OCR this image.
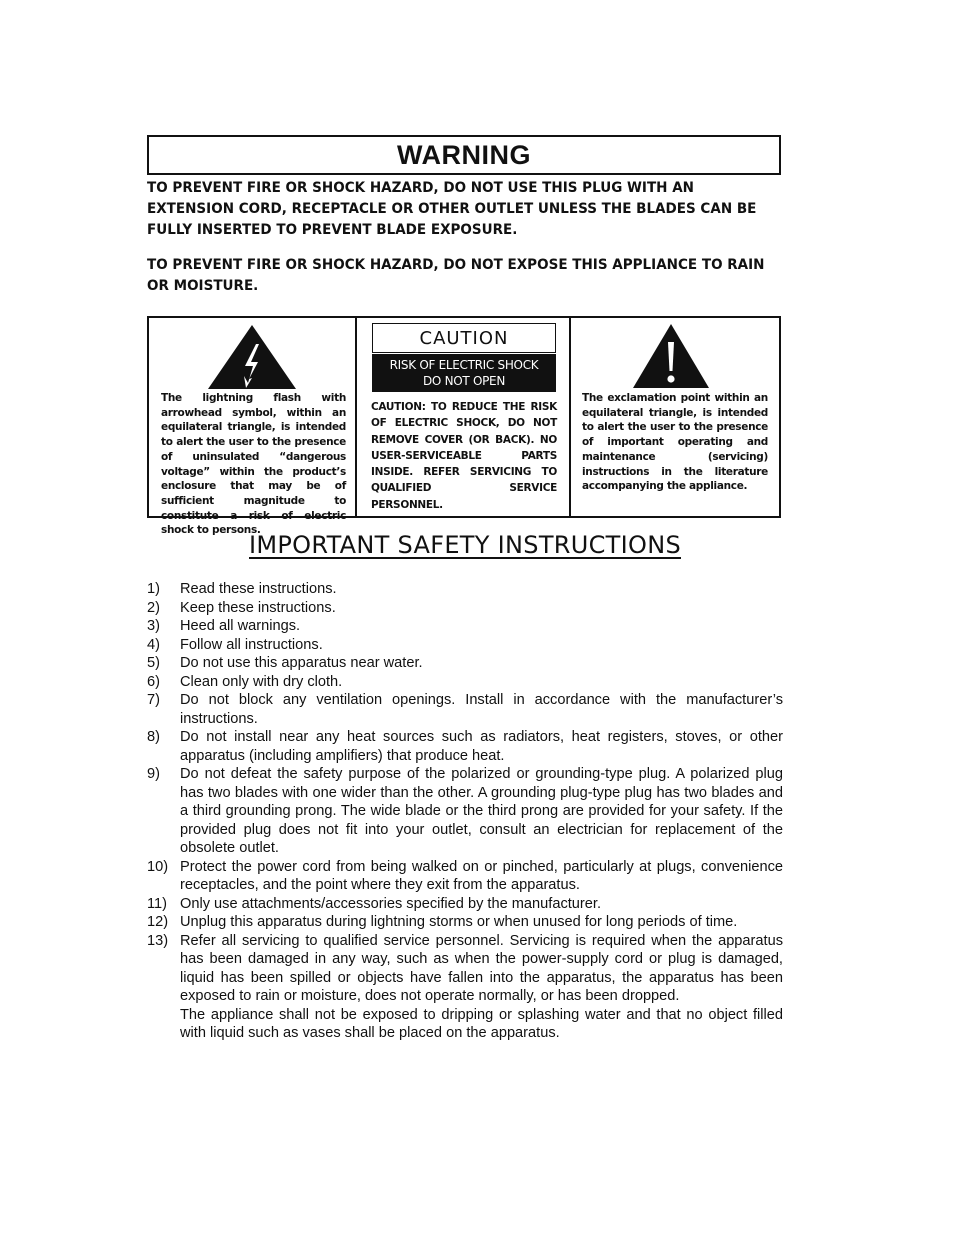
WARNING
TO PREVENT FIRE OR SHOCK HAZARD, DO NOT USE THIS PLUG WITH AN EXTENSION CORD, RECEPTACLE OR OTHER OUTLET UNLESS THE BLADES CAN BE FULLY INSERTED TO PREVENT BLADE EXPOSURE.
TO PREVENT FIRE OR SHOCK HAZARD, DO NOT EXPOSE THIS APPLIANCE TO RAIN OR MOISTURE.
The lightning flash with arrowhead symbol, within an equilateral triangle, is intended to alert the user to the presence of uninsulated “dangerous voltage” within the product’s enclosure that may be of sufficient magnitude to constitute a risk of electric shock to persons.
CAUTION
RISK OF ELECTRIC SHOCK
DO NOT OPEN
CAUTION: TO REDUCE THE RISK OF ELECTRIC SHOCK, DO NOT REMOVE COVER (OR BACK). NO USER-SERVICEABLE PARTS INSIDE. REFER SERVICING TO QUALIFIED SERVICE PERSONNEL.
The exclamation point within an equilateral triangle, is intended to alert the user to the presence of important operating and maintenance (servicing) instructions in the literature accompanying the appliance.
IMPORTANT SAFETY INSTRUCTIONS
1)	Read these instructions.
2)	Keep these instructions.
3)	Heed all warnings.
4)	Follow all instructions.
5)	Do not use this apparatus near water.
6)	Clean only with dry cloth.
7)	Do not block any ventilation openings. Install in accordance with the manufacturer’s instructions.
8)	Do not install near any heat sources such as radiators, heat registers, stoves, or other apparatus (including amplifiers) that produce heat.
9)	Do not defeat the safety purpose of the polarized or grounding-type plug. A polarized plug has two blades with one wider than the other. A grounding plug-type plug has two blades and a third grounding prong. The wide blade or the third prong are provided for your safety. If the provided plug does not fit into your outlet, consult an electrician for replacement of the obsolete outlet.
10) Protect the power cord from being walked on or pinched, particularly at plugs, convenience receptacles, and the point where they exit from the apparatus.
11) Only use attachments/accessories specified by the manufacturer.
12) Unplug this apparatus during lightning storms or when unused for long periods of time.
13) Refer all servicing to qualified service personnel. Servicing is required when the apparatus has been damaged in any way, such as when the power-supply cord or plug is damaged, liquid has been spilled or objects have fallen into the apparatus, the apparatus has been exposed to rain or moisture, does not operate normally, or has been dropped.
The appliance shall not be exposed to dripping or splashing water and that no object filled with liquid such as vases shall be placed on the apparatus.
